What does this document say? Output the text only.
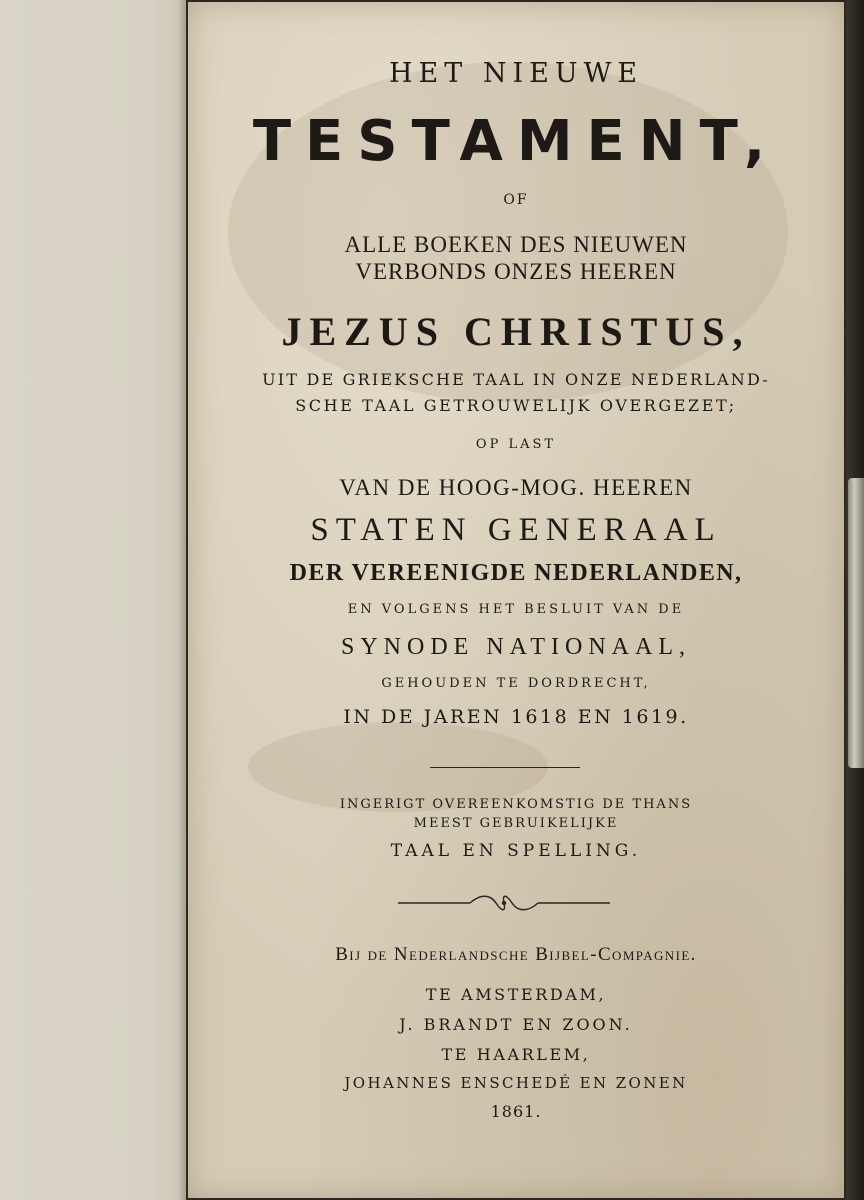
HET NIEUWE
TESTAMENT,
OF
ALLE BOEKEN DES NIEUWEN
VERBONDS ONZES HEEREN
JEZUS CHRISTUS,
UIT DE GRIEKSCHE TAAL IN ONZE NEDERLAND-
SCHE TAAL GETROUWELIJK OVERGEZET;
OP LAST
VAN DE HOOG-MOG. HEEREN
STATEN GENERAAL
DER VEREENIGDE NEDERLANDEN,
EN VOLGENS HET BESLUIT VAN DE
SYNODE NATIONAAL,
GEHOUDEN TE DORDRECHT,
IN DE JAREN 1618 EN 1619.
INGERIGT OVEREENKOMSTIG DE THANS
MEEST GEBRUIKELIJKE
TAAL EN SPELLING.
Bij de Nederlandsche Bijbel-Compagnie.
TE AMSTERDAM,
J. BRANDT EN ZOON.
TE HAARLEM,
JOHANNES ENSCHEDÉ EN ZONEN
1861.
